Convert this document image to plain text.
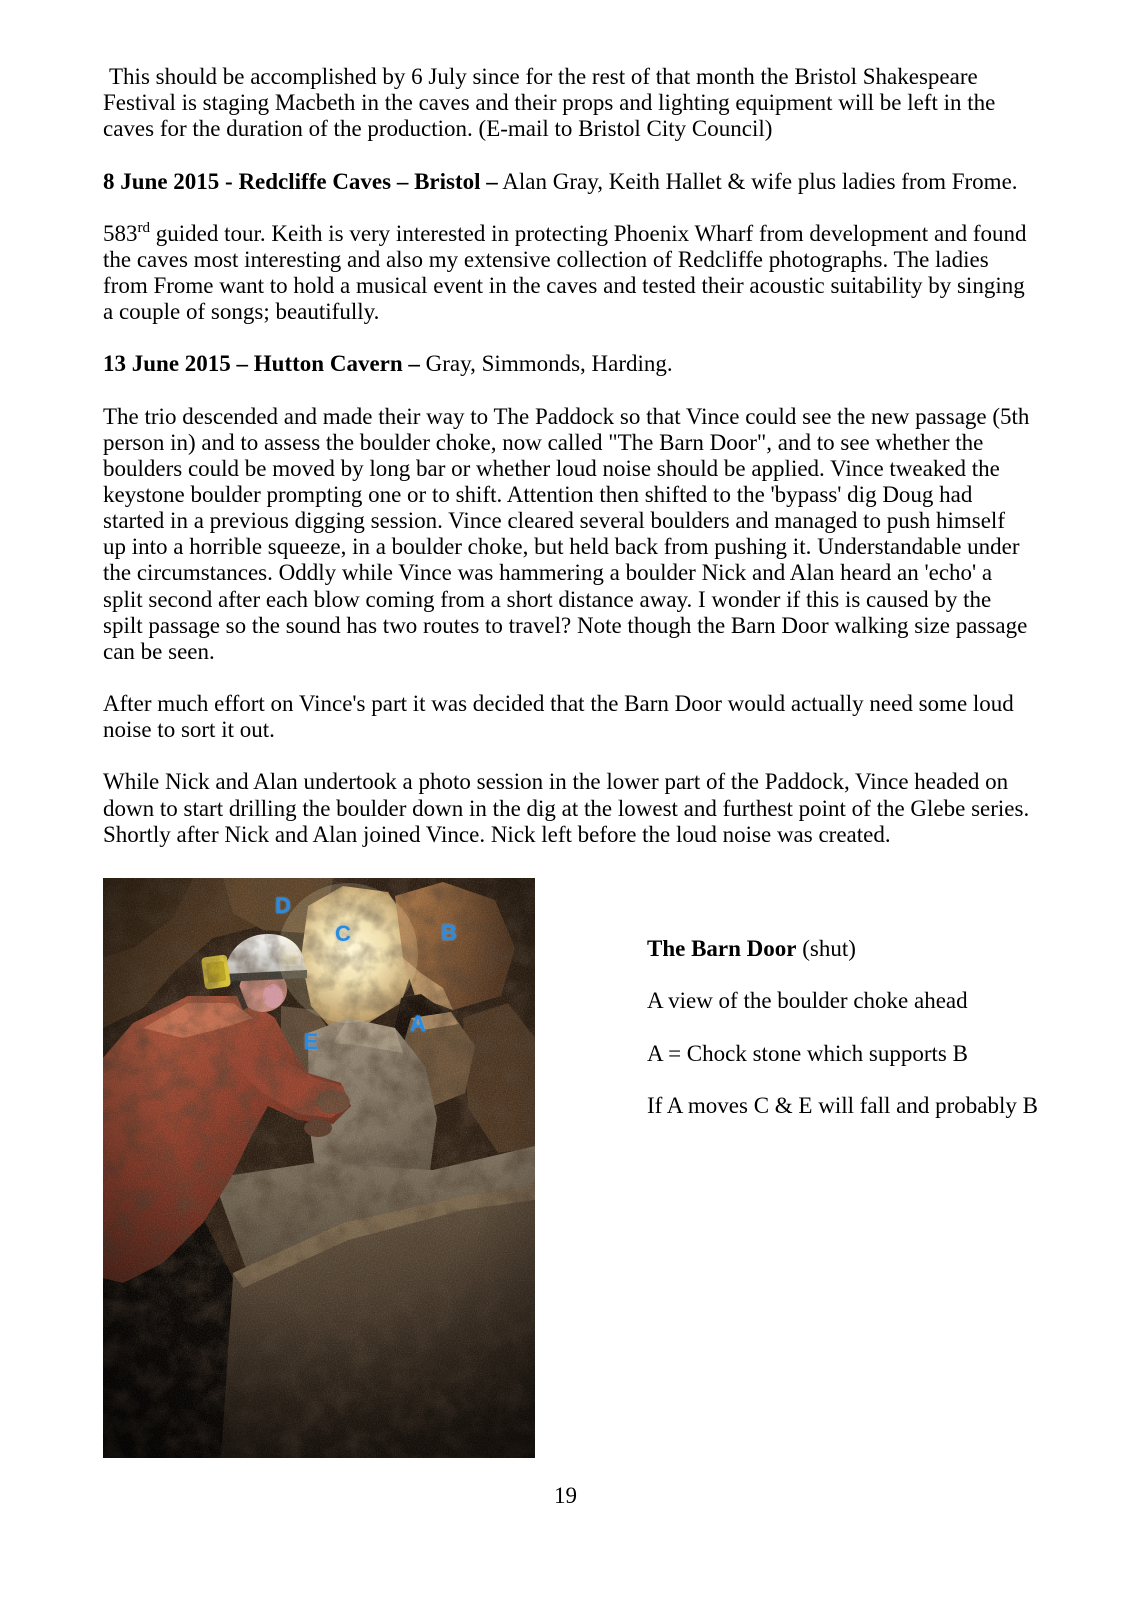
This should be accomplished by 6 July since for the rest of that month the Bristol Shakespeare
Festival is staging Macbeth in the caves and their props and lighting equipment will be left in the
caves for the duration of the production. (E-mail to Bristol City Council)
8 June 2015 - Redcliffe Caves – Bristol – Alan Gray, Keith Hallet & wife plus ladies from Frome.
583rd guided tour. Keith is very interested in protecting Phoenix Wharf from development and found
the caves most interesting and also my extensive collection of Redcliffe photographs. The ladies
from Frome want to hold a musical event in the caves and tested their acoustic suitability by singing
a couple of songs; beautifully.
13 June 2015 – Hutton Cavern – Gray, Simmonds, Harding.
The trio descended and made their way to The Paddock so that Vince could see the new passage (5th
person in) and to assess the boulder choke, now called "The Barn Door", and to see whether the
boulders could be moved by long bar or whether loud noise should be applied. Vince tweaked the
keystone boulder prompting one or to shift. Attention then shifted to the 'bypass' dig Doug had
started in a previous digging session. Vince cleared several boulders and managed to push himself
up into a horrible squeeze, in a boulder choke, but held back from pushing it. Understandable under
the circumstances. Oddly while Vince was hammering a boulder Nick and Alan heard an 'echo' a
split second after each blow coming from a short distance away. I wonder if this is caused by the
spilt passage so the sound has two routes to travel? Note though the Barn Door walking size passage
can be seen.
After much effort on Vince's part it was decided that the Barn Door would actually need some loud
noise to sort it out.
While Nick and Alan undertook a photo session in the lower part of the Paddock, Vince headed on
down to start drilling the boulder down in the dig at the lowest and furthest point of the Glebe series.
Shortly after Nick and Alan joined Vince. Nick left before the loud noise was created.
D
C	B
A
E
The Barn Door (shut)
A view of the boulder choke ahead
A = Chock stone which supports B
If A moves C & E will fall and probably B
19
